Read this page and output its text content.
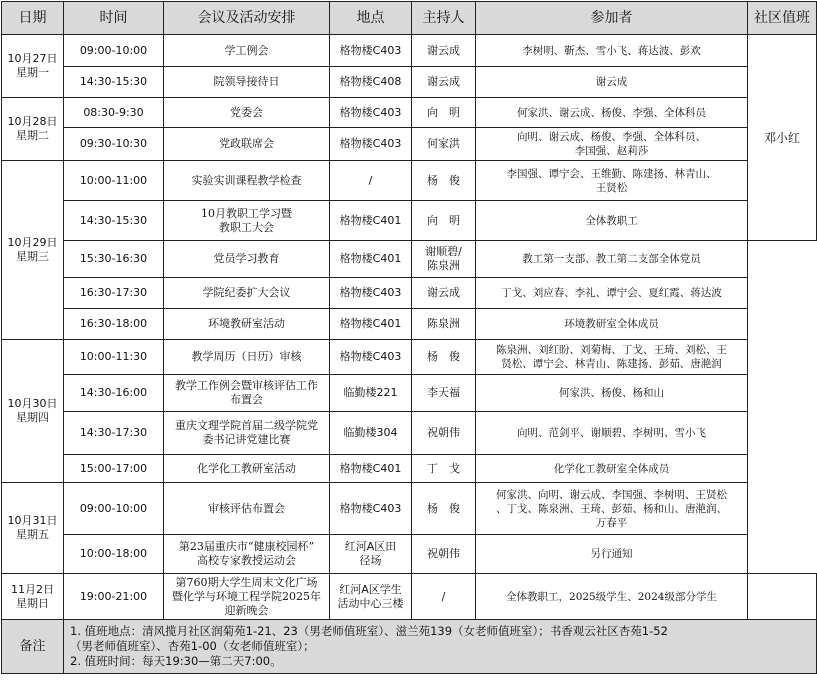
日期	时间	会议及活动安排	地点	主持人	参加者	社区值班

10月27日
星期一	09:00-10:00	学工例会	格物楼C403	谢云成	李树明、靳杰、雪小飞、蒋达波、彭欢	邓小红
	14:30-15:30	院领导接待日	格物楼C408	谢云成	谢云成	

10月28日
星期二	08:30-9:30	党委会	格物楼C403	向　明	何家洪、谢云成、杨俊、李强、全体科员	
	09:30-10:30	党政联席会	格物楼C403	何家洪	向明、谢云成、杨俊、李强、全体科员、
李国强、赵莉莎	

10月29日
星期三	10:00-11:00	实验实训课程教学检查	/	杨　俊	李国强、谭宁会、王维勤、陈建扬、林青山、
王贤松	

	14:30-15:30	10月教职工学习暨
教职工大会	格物楼C401	向　明	全体教职工	
	15:30-16:30	党员学习教育	格物楼C401	谢顺碧/
陈泉洲	教工第一支部、教工第二支部全体党员	
	16:30-17:30	学院纪委扩大会议	格物楼C403	谢云成	丁戈、刘应春、李礼、谭宁会、夏红霞、蒋达波	
	16:30-18:00	环境教研室活动	格物楼C401	陈泉洲	环境教研室全体成员	

10月30日
星期四	10:00-11:30	教学周历（日历）审核	格物楼C403	杨　俊	陈泉洲、刘红盼、刘菊梅、丁戈、王琦、刘松、王
贤松、谭宁会、林青山、陈建扬、彭茹、唐滟润	

	14:30-16:00	教学工作例会暨审核评估工作
布置会	临勤楼221	李天福	何家洪、杨俊、杨和山	
	14:30-17:30	重庆文理学院首届二级学院党
委书记讲党建比赛	临勤楼304	祝朝伟	向明、范剑平、谢顺碧、李树明、雪小飞	
	15:00-17:00	化学化工教研室活动	格物楼C401	丁　戈	化学化工教研室全体成员	

10月31日
星期五	09:00-10:00	审核评估布置会	格物楼C403	杨　俊	何家洪、向明、谢云成、李国强、李树明、王贤松
、丁戈、陈泉洲、王琦、彭茹、杨和山、唐滟润、
万春平	

	10:00-18:00	第23届重庆市“健康校园杯”
高校专家教授运动会	红河A区田
径场	祝朝伟	另行通知	

11月2日
星期日	19:00-21:00	第760期大学生周末文化广场
暨化学与环境工程学院2025年
迎新晚会	红河A区学生
活动中心三楼	/	全体教职工，2025级学生、2024级部分学生	
备注	1. 值班地点：清风揽月社区润菊苑1-21、23（男老师值班室）、滋兰苑139（女老师值班室）；书香观云社区杏苑1-52
（男老师值班室）、杏苑1-00（女老师值班室）；
2. 值班时间：每天19:30—第二天7:00。					
